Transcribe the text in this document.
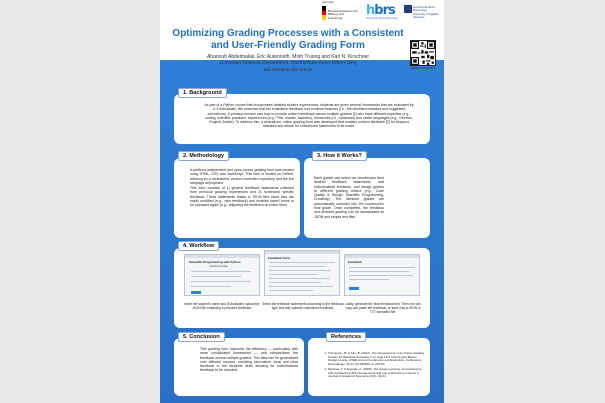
gefördert
Bundesministerium für Bildung und Forschung	hbrs
Hochschule Bonn-Rhein-Sieg
Hochschule Bonn-Rhein-Sieg University of Applied Sciences
Grading tool (GitHub)
Optimizing Grading Processes with a Consistent and User-Friendly Grading Form
Abanoub Abdelmalak, Eric Autenrieth, Minh Truong and Karl N. Kirschner
Computer Science Department, Hochschule Bonn-Rhein-Sieg
karl.kirschner@h-brs.de
As part of a Python course that incorporates detailed student experiences, students are given several homeworks that are evaluated by 3–5 individuals. We observed that the evaluation feedback had common features (i.e., the identified mistakes and suggested corrections). A primary concern was how to provide uniform feedback across multiple graders [1] who have different expertise (e.g., coding, scientific practices, experiences (e.g., PhD, master, bachelor), tolerances (i.e., strictness) and native languages (e.g., German, English, Arabic). To address this, a centralized, online grading form was developed that enables uniform feedback [2] for frequent mistakes and allows for customized statements to be made.
1. Background
A platform-independent and open-source grading form was created using HTML, CSS and JavaScript. This form is hosted on GitHub, allowing for a centralized, version-controlled repository and the live webpage deployment.
This form consists of 1) general feedback statements collected from previous grading experiences and 2) homework specific feedback. These statements reside in JSON files since they are easily modified (e.g., new feedback) and enables saved forms to be uploaded again (e.g., adjusting the feedback at a later time).
2. Methodology
Each grader can select via checkboxes their desired feedback statements, add individualized feedback, and assign grades to different grading criteria (e.g., Code Quality & Design, Scientific Programming, Creativity). The itemized grades are automatically summed into the homework's final grade. Once completed, the feedback and itemized grading can be downloaded as JSON and simple text files.
3. How it Works?
Scientific Programming with Python
Grading Template
Feedback Form
Feedback
Insert the student's name and (if available) upload the JSON file containing a prepared feedback.
Select the feedback statements according to the feedback type and add optional customized feedback.
Lastly, generate the final feedback text. Then one can copy and paste the feedback, or save it as a JSON or TXT formatted file.
4. Workflow
This grading form improves the efficiency — particularly with more complicated homeworks — and standardizes the feedback across multiple graders. This idea can be generalized over different courses, providing informative, tonal and clear feedback to the students while allowing for individualized feedback to be included.
5. Conclusion
1. Thompson, M. & Kim, B. (2012). The Development of an Online Grading System for Distributed Grading in a Large First Year Project-Based Design Course. ASEE Annual Conference and Exposition, Conference Proceedings, 25-11 (10.18260/1-2--22076)
2. Panthou, T. & Duncale, A. (2009). The issues involving inconsistencies with feedback for ANU assignments and role of Rubrics to improve it. Journal of Academic Resources 8(1), 34-44
References
